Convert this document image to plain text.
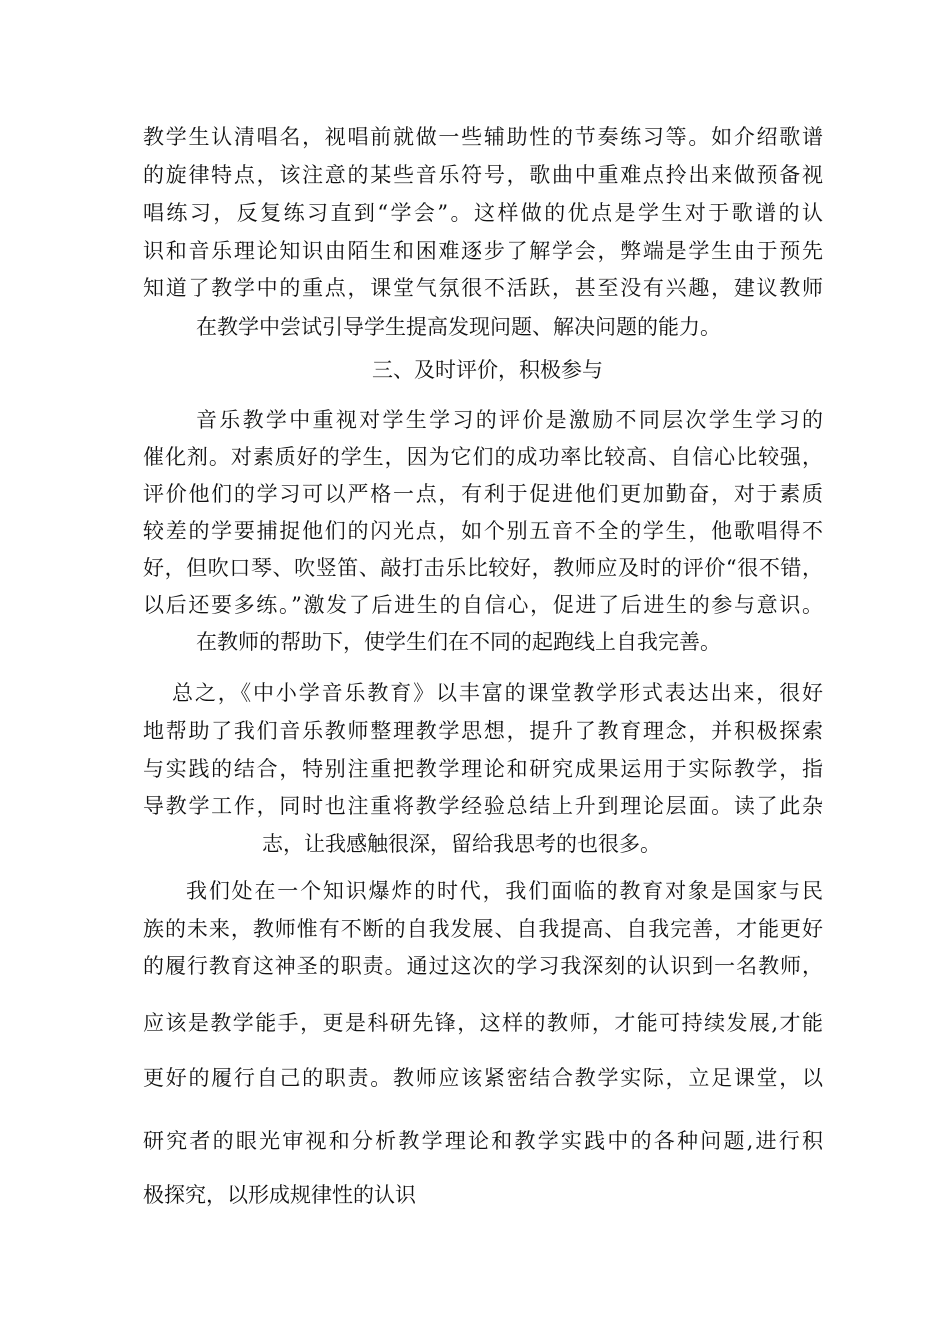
教学生认清唱名，视唱前就做一些辅助性的节奏练习等。如介绍歌谱
的旋律特点，该注意的某些音乐符号，歌曲中重难点拎出来做预备视
唱练习，反复练习直到“学会”。这样做的优点是学生对于歌谱的认
识和音乐理论知识由陌生和困难逐步了解学会，弊端是学生由于预先
知道了教学中的重点，课堂气氛很不活跃，甚至没有兴趣，建议教师
在教学中尝试引导学生提高发现问题、解决问题的能力。
三、及时评价，积极参与
音乐教学中重视对学生学习的评价是激励不同层次学生学习的
催化剂。对素质好的学生，因为它们的成功率比较高、自信心比较强，
评价他们的学习可以严格一点，有利于促进他们更加勤奋，对于素质
较差的学要捕捉他们的闪光点，如个别五音不全的学生，他歌唱得不
好，但吹口琴、吹竖笛、敲打击乐比较好，教师应及时的评价“很不错，
以后还要多练。”激发了后进生的自信心，促进了后进生的参与意识。
在教师的帮助下，使学生们在不同的起跑线上自我完善。
总之，《中小学音乐教育》以丰富的课堂教学形式表达出来，很好
地帮助了我们音乐教师整理教学思想，提升了教育理念，并积极探索
与实践的结合，特别注重把教学理论和研究成果运用于实际教学，指
导教学工作，同时也注重将教学经验总结上升到理论层面。读了此杂
志，让我感触很深，留给我思考的也很多。
我们处在一个知识爆炸的时代，我们面临的教育对象是国家与民
族的未来，教师惟有不断的自我发展、自我提高、自我完善，才能更好
的履行教育这神圣的职责。通过这次的学习我深刻的认识到一名教师，
应该是教学能手，更是科研先锋，这样的教师，才能可持续发展,才能
更好的履行自己的职责。教师应该紧密结合教学实际，立足课堂，以
研究者的眼光审视和分析教学理论和教学实践中的各种问题,进行积
极探究，以形成规律性的认识
